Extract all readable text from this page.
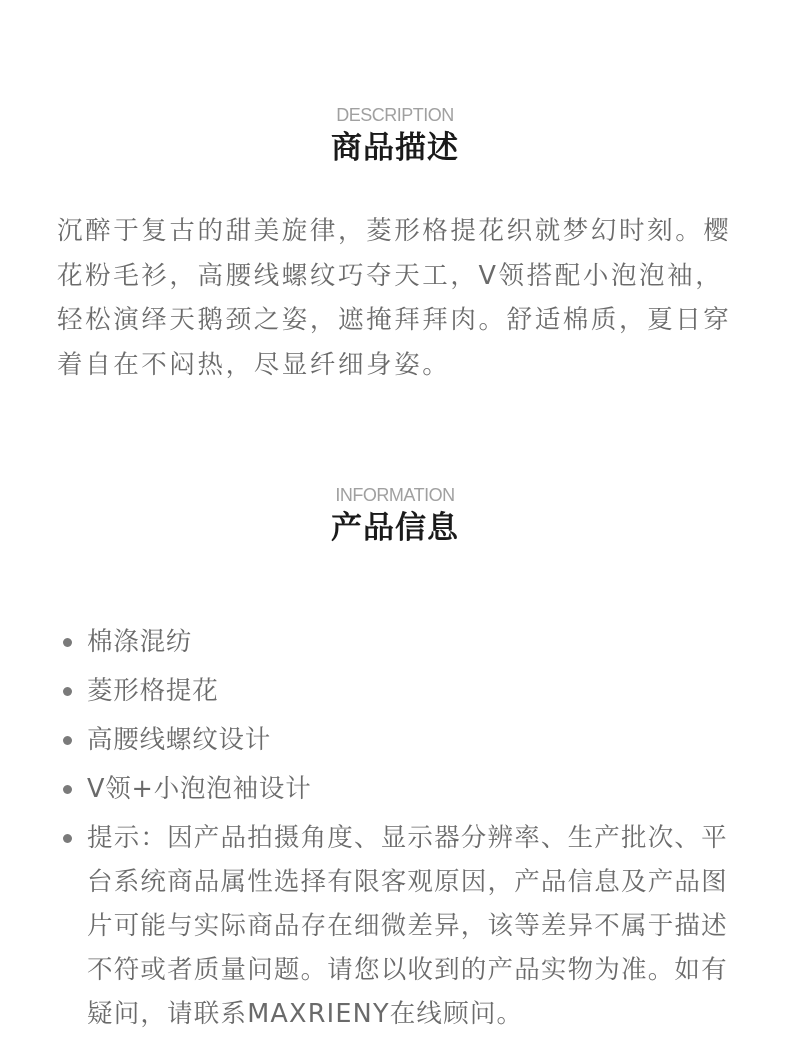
DESCRIPTION
商品描述

沉醉于复古的甜美旋律，菱形格提花织就梦幻时刻。樱花粉毛衫，高腰线螺纹巧夺天工，V领搭配小泡泡袖，轻松演绎天鹅颈之姿，遮掩拜拜肉。舒适棉质，夏日穿着自在不闷热，尽显纤细身姿。

INFORMATION
产品信息
棉涤混纺
菱形格提花
高腰线螺纹设计
V领+小泡泡袖设计
提示：因产品拍摄角度、显示器分辨率、生产批次、平台系统商品属性选择有限客观原因，产品信息及产品图片可能与实际商品存在细微差异，该等差异不属于描述不符或者质量问题。请您以收到的产品实物为准。如有疑问，请联系MAXRIENY在线顾问。
